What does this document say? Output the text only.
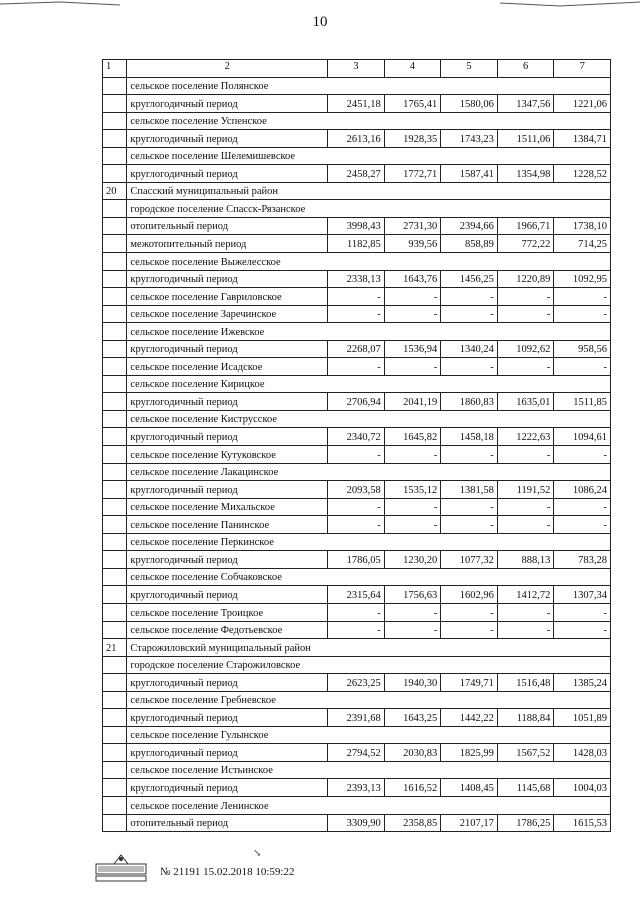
10
1	2	3	4	5	6	7
	сельское поселение Полянское					
	круглогодичный период	2451,18	1765,41	1580,06	1347,56	1221,06
	сельское поселение Успенское					
	круглогодичный период	2613,16	1928,35	1743,23	1511,06	1384,71
	сельское поселение Шелемишевское					
	круглогодичный период	2458,27	1772,71	1587,41	1354,98	1228,52
20	Спасский муниципальный район					
	городское поселение Спасск-Рязанское					
	отопительный период	3998,43	2731,30	2394,66	1966,71	1738,10
	межотопительный период	1182,85	939,56	858,89	772,22	714,25
	сельское поселение Выжелесское					
	круглогодичный период	2338,13	1643,76	1456,25	1220,89	1092,95
	сельское поселение Гавриловское	-	-	-	-	-
	сельское поселение Заречинское	-	-	-	-	-
	сельское поселение Ижевское					
	круглогодичный период	2268,07	1536,94	1340,24	1092,62	958,56
	сельское поселение Исадское	-	-	-	-	-
	сельское поселение Кирицкое					
	круглогодичный период	2706,94	2041,19	1860,83	1635,01	1511,85
	сельское поселение Киструсское					
	круглогодичный период	2340,72	1645,82	1458,18	1222,63	1094,61
	сельское поселение Кутуковское	-	-	-	-	-
	сельское поселение Лакацинское					
	круглогодичный период	2093,58	1535,12	1381,58	1191,52	1086,24
	сельское поселение Михальское	-	-	-	-	-
	сельское поселение Панинское	-	-	-	-	-
	сельское поселение Перкинское					
	круглогодичный период	1786,05	1230,20	1077,32	888,13	783,28
	сельское поселение Собчаковское					
	круглогодичный период	2315,64	1756,63	1602,96	1412,72	1307,34
	сельское поселение Троицкое	-	-	-	-	-
	сельское поселение Федотьевское	-	-	-	-	-
21	Старожиловский муниципальный район					
	городское поселение Старожиловское					
	круглогодичный период	2623,25	1940,30	1749,71	1516,48	1385,24
	сельское поселение Гребневское					
	круглогодичный период	2391,68	1643,25	1442,22	1188,84	1051,89
	сельское поселение Гулынское					
	круглогодичный период	2794,52	2030,83	1825,99	1567,52	1428,03
	сельское поселение Истьинское					
	круглогодичный период	2393,13	1616,52	1408,45	1145,68	1004,03
	сельское поселение Ленинское					
	отопительный период	3309,90	2358,85	2107,17	1786,25	1615,53
↘
№ 21191 15.02.2018 10:59:22
